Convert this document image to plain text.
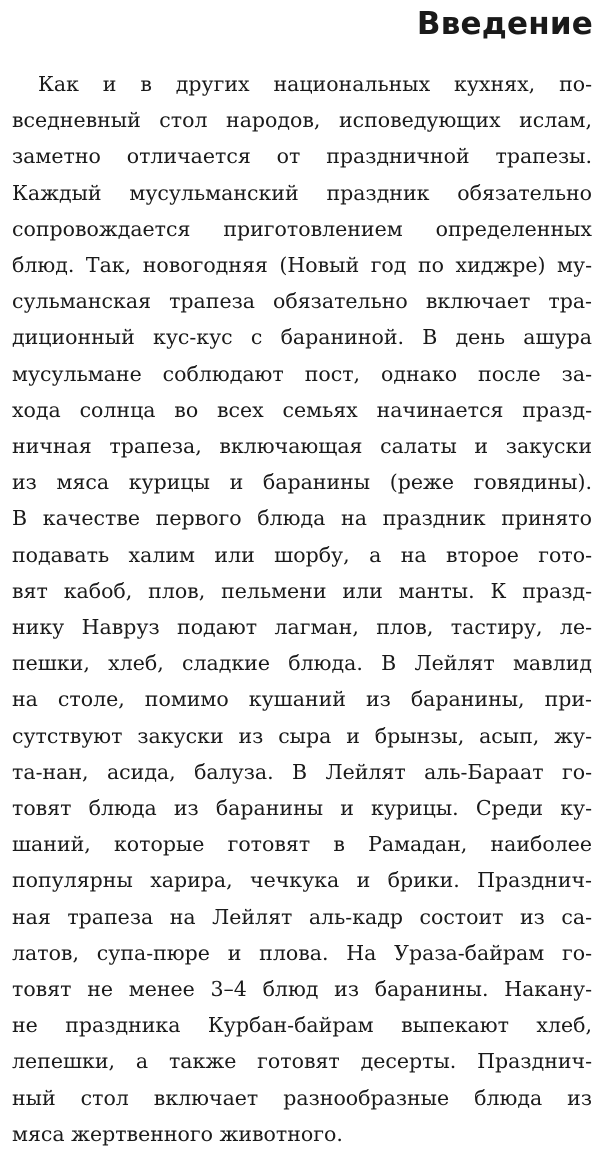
Введение
Как и в других национальных кухнях, по-
вседневный стол народов, исповедующих ислам,
заметно отличается от праздничной трапезы.
Каждый мусульманский праздник обязательно
сопровождается приготовлением определенных
блюд. Так, новогодняя (Новый год по хиджре) му-
сульманская трапеза обязательно включает тра-
диционный кус-кус с бараниной. В день ашура
мусульмане соблюдают пост, однако после за-
хода солнца во всех семьях начинается празд-
ничная трапеза, включающая салаты и закуски
из мяса курицы и баранины (реже говядины).
В качестве первого блюда на праздник принято
подавать халим или шорбу, а на второе гото-
вят кабоб, плов, пельмени или манты. К празд-
нику Навруз подают лагман, плов, тастиру, ле-
пешки, хлеб, сладкие блюда. В Лейлят мавлид
на столе, помимо кушаний из баранины, при-
сутствуют закуски из сыра и брынзы, асып, жу-
та-нан, асида, балуза. В Лейлят аль-Бараат го-
товят блюда из баранины и курицы. Среди ку-
шаний, которые готовят в Рамадан, наиболее
популярны харира, чечкука и брики. Празднич-
ная трапеза на Лейлят аль-кадр состоит из са-
латов, супа-пюре и плова. На Ураза-байрам го-
товят не менее 3–4 блюд из баранины. Накану-
не праздника Курбан-байрам выпекают хлеб,
лепешки, а также готовят десерты. Празднич-
ный стол включает разнообразные блюда из
мяса жертвенного животного.
